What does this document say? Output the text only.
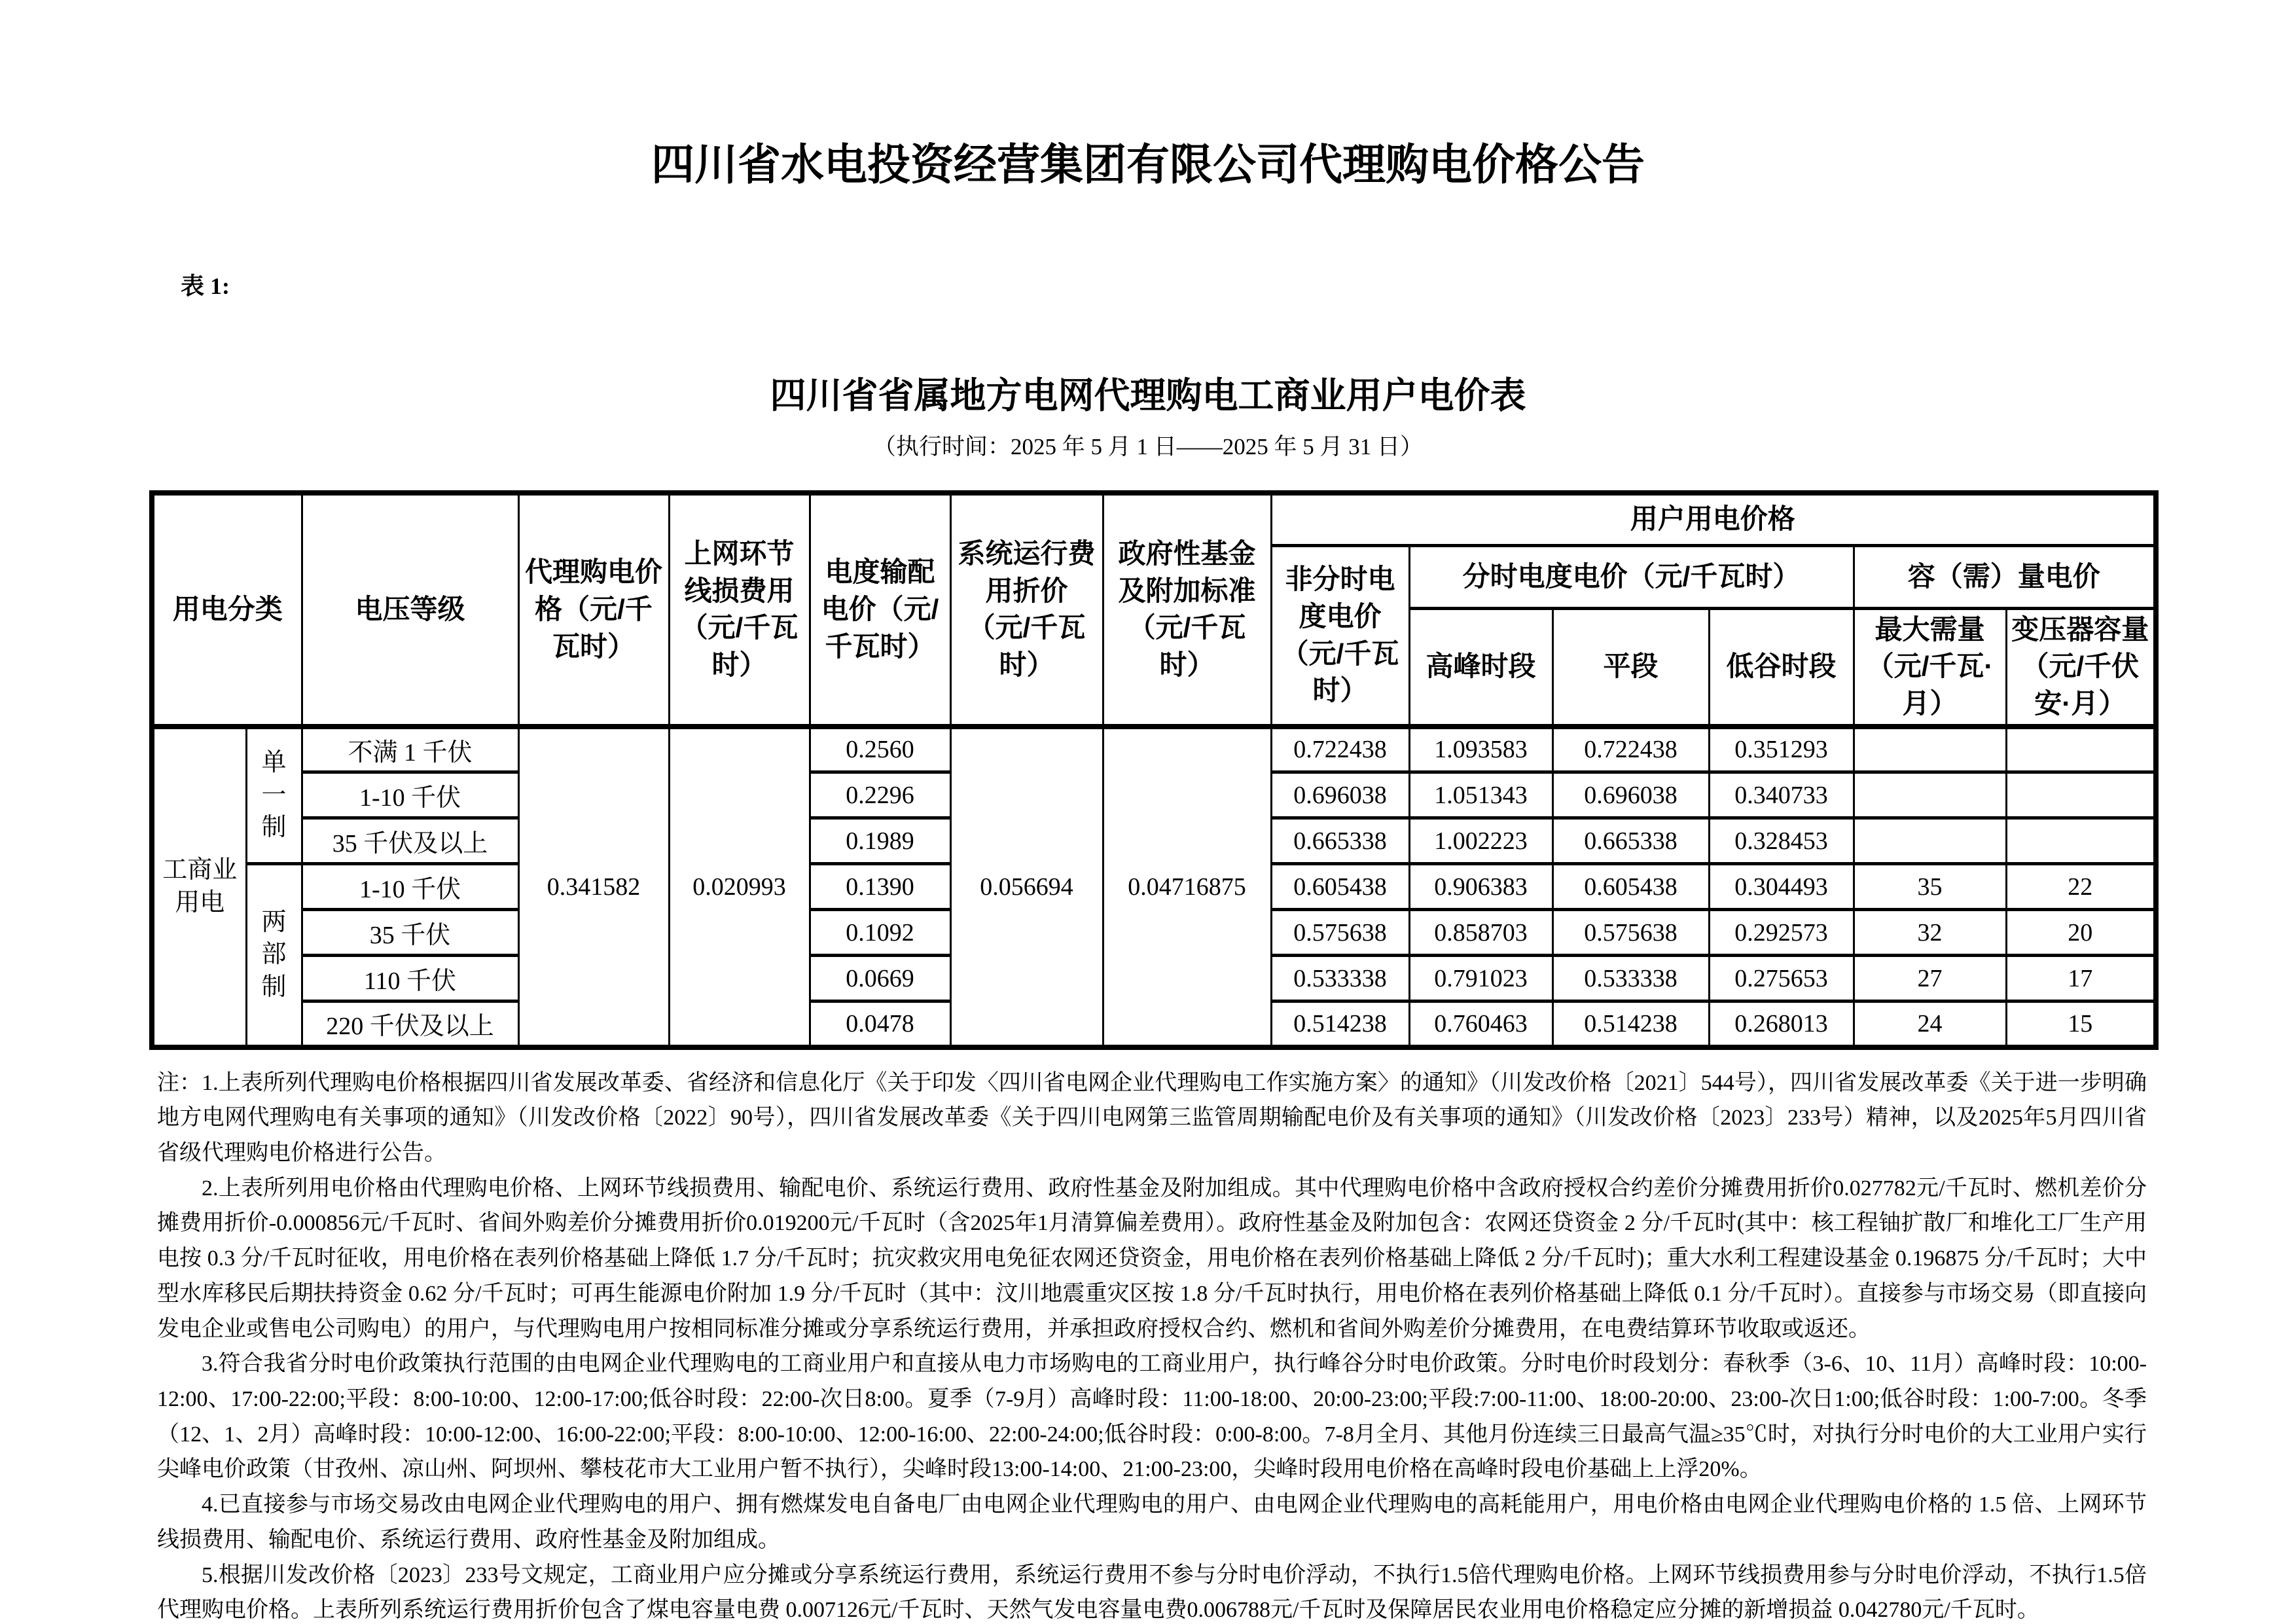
四川省水电投资经营集团有限公司代理购电价格公告
表 1:
四川省省属地方电网代理购电工商业用户电价表
（执行时间：2025 年 5 月 1 日——2025 年 5 月 31 日）
用电分类		电压等级	代理购电价格（元/千瓦时）	上网环节线损费用（元/千瓦时）	电度输配电价（元/千瓦时）	系统运行费用折价（元/千瓦时）	政府性基金及附加标准（元/千瓦时）	用户用电价格					
								非分时电度电价（元/千瓦时）	分时电度电价（元/千瓦时）			容（需）量电价	
									高峰时段	平段	低谷时段	最大需量（元/千瓦·月）	变压器容量（元/千伏安·月）
工商业用电	单一制	不满 1 千伏	0.341582	0.020993	0.2560	0.056694	0.04716875	0.722438	1.093583	0.722438	0.351293		
		1-10 千伏			0.2296			0.696038	1.051343	0.696038	0.340733		
		35 千伏及以上			0.1989			0.665338	1.002223	0.665338	0.328453		
	两部制	1-10 千伏			0.1390			0.605438	0.906383	0.605438	0.304493	35	22
		35 千伏			0.1092			0.575638	0.858703	0.575638	0.292573	32	20
		110 千伏			0.0669			0.533338	0.791023	0.533338	0.275653	27	17
		220 千伏及以上			0.0478			0.514238	0.760463	0.514238	0.268013	24	15

注：1.上表所列代理购电价格根据四川省发展改革委、省经济和信息化厅《关于印发〈四川省电网企业代理购电工作实施方案〉的通知》（川发改价格〔2021〕544号），四川省发展改革委《关于进一步明确地方电网代理购电有关事项的通知》（川发改价格〔2022〕90号），四川省发展改革委《关于四川电网第三监管周期输配电价及有关事项的通知》（川发改价格〔2023〕233号）精神，以及2025年5月四川省省级代理购电价格进行公告。

2.上表所列用电价格由代理购电价格、上网环节线损费用、输配电价、系统运行费用、政府性基金及附加组成。其中代理购电价格中含政府授权合约差价分摊费用折价0.027782元/千瓦时、燃机差价分摊费用折价-0.000856元/千瓦时、省间外购差价分摊费用折价0.019200元/千瓦时（含2025年1月清算偏差费用）。政府性基金及附加包含：农网还贷资金 2 分/千瓦时(其中：核工程铀扩散厂和堆化工厂生产用电按 0.3 分/千瓦时征收，用电价格在表列价格基础上降低 1.7 分/千瓦时；抗灾救灾用电免征农网还贷资金，用电价格在表列价格基础上降低 2 分/千瓦时)；重大水利工程建设基金 0.196875 分/千瓦时；大中型水库移民后期扶持资金 0.62 分/千瓦时；可再生能源电价附加 1.9 分/千瓦时（其中：汶川地震重灾区按 1.8 分/千瓦时执行，用电价格在表列价格基础上降低 0.1 分/千瓦时）。直接参与市场交易（即直接向发电企业或售电公司购电）的用户，与代理购电用户按相同标准分摊或分享系统运行费用，并承担政府授权合约、燃机和省间外购差价分摊费用，在电费结算环节收取或返还。

3.符合我省分时电价政策执行范围的由电网企业代理购电的工商业用户和直接从电力市场购电的工商业用户，执行峰谷分时电价政策。分时电价时段划分：春秋季（3-6、10、11月）高峰时段：10:00-12:00、17:00-22:00;平段：8:00-10:00、12:00-17:00;低谷时段：22:00-次日8:00。夏季（7-9月）高峰时段：11:00-18:00、20:00-23:00;平段:7:00-11:00、18:00-20:00、23:00-次日1:00;低谷时段：1:00-7:00。冬季（12、1、2月）高峰时段：10:00-12:00、16:00-22:00;平段：8:00-10:00、12:00-16:00、22:00-24:00;低谷时段：0:00-8:00。7-8月全月、其他月份连续三日最高气温≥35℃时，对执行分时电价的大工业用户实行尖峰电价政策（甘孜州、凉山州、阿坝州、攀枝花市大工业用户暂不执行），尖峰时段13:00-14:00、21:00-23:00，尖峰时段用电价格在高峰时段电价基础上上浮20%。

4.已直接参与市场交易改由电网企业代理购电的用户、拥有燃煤发电自备电厂由电网企业代理购电的用户、由电网企业代理购电的高耗能用户，用电价格由电网企业代理购电价格的 1.5 倍、上网环节线损费用、输配电价、系统运行费用、政府性基金及附加组成。

5.根据川发改价格〔2023〕233号文规定，工商业用户应分摊或分享系统运行费用，系统运行费用不参与分时电价浮动，不执行1.5倍代理购电价格。上网环节线损费用参与分时电价浮动，不执行1.5倍代理购电价格。上表所列系统运行费用折价包含了煤电容量电费 0.007126元/千瓦时、天然气发电容量电费0.006788元/千瓦时及保障居民农业用电价格稳定应分摊的新增损益 0.042780元/千瓦时。
